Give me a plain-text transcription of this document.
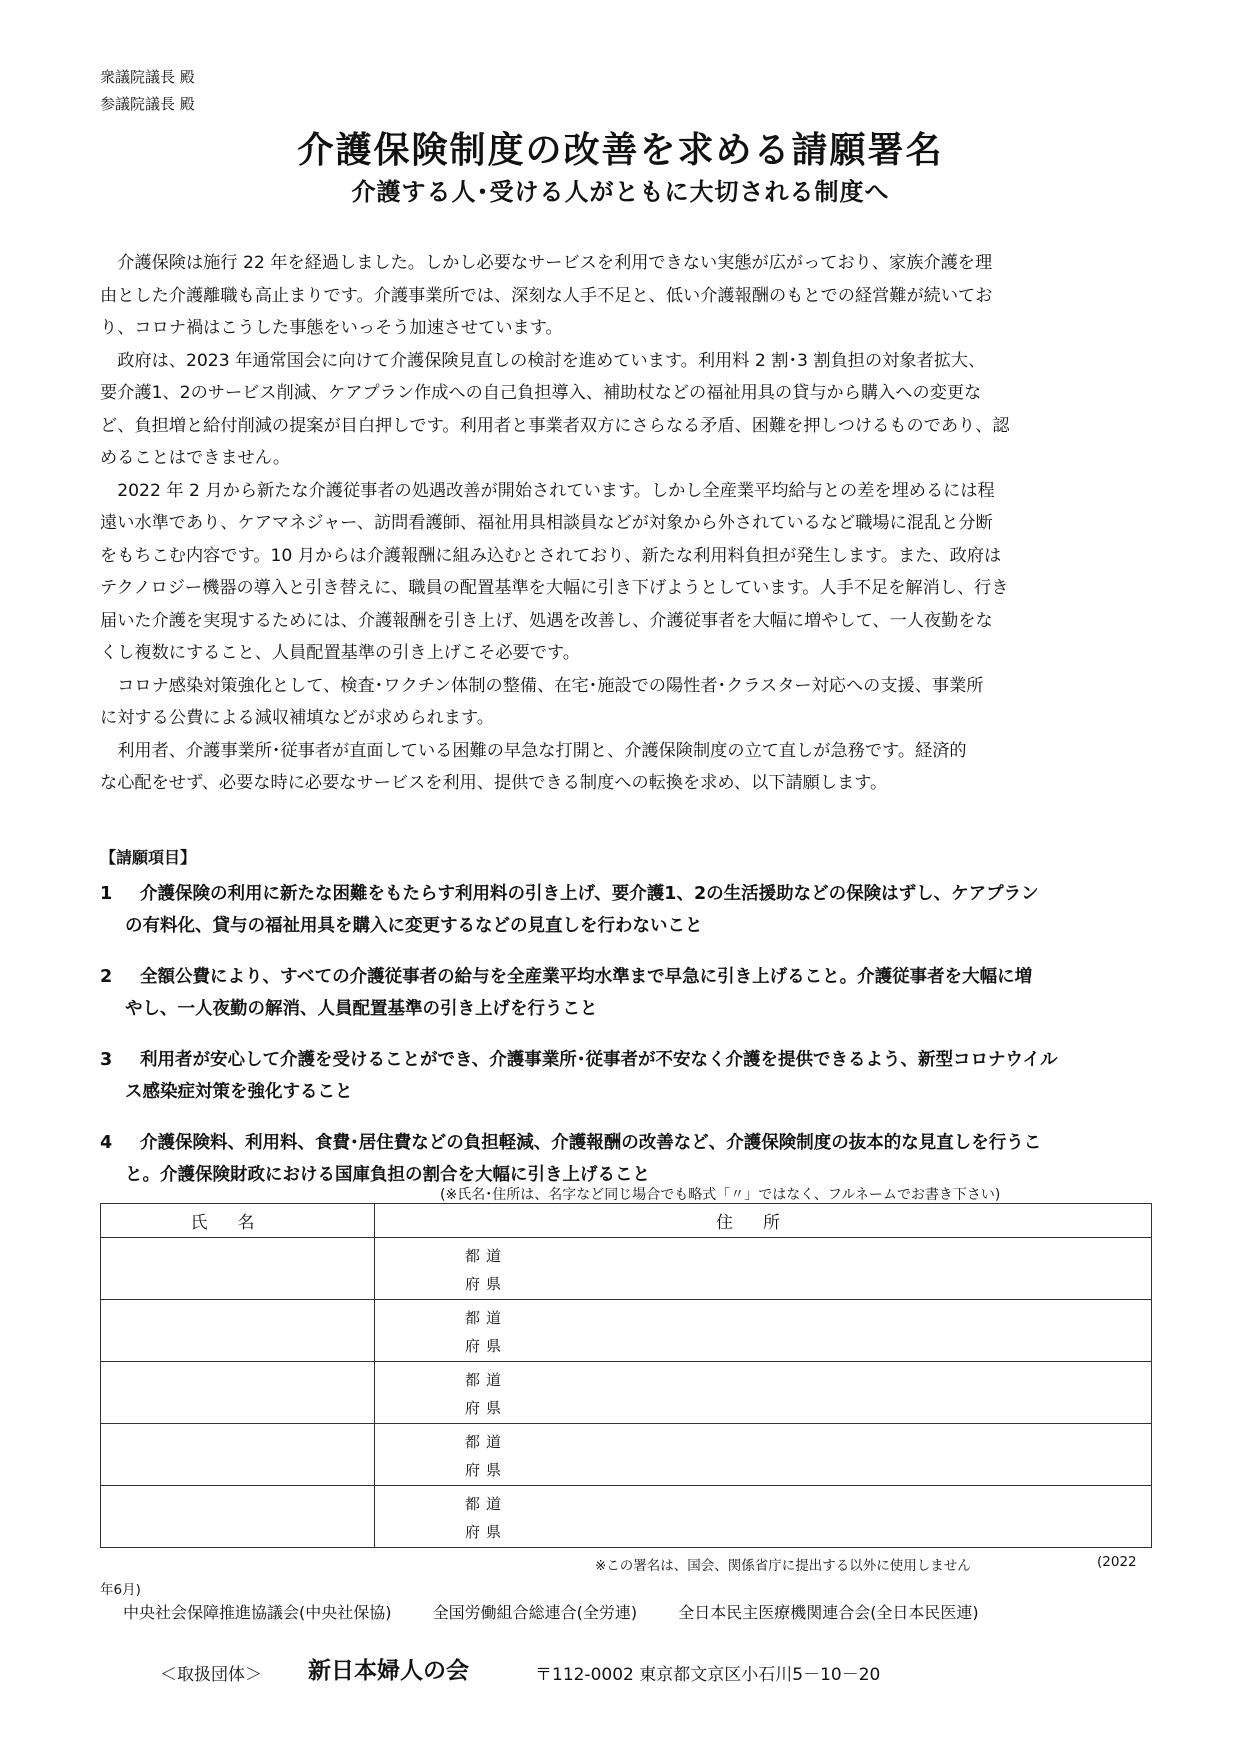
衆議院議長 殿
参議院議長 殿
介護保険制度の改善を求める請願署名
介護する人･受ける人がともに大切される制度へ

介護保険は施行 22 年を経過しました。しかし必要なサービスを利用できない実態が広がっており、家族介護を理
由とした介護離職も高止まりです。介護事業所では、深刻な人手不足と、低い介護報酬のもとでの経営難が続いてお
り、コロナ禍はこうした事態をいっそう加速させています。

政府は、2023 年通常国会に向けて介護保険見直しの検討を進めています。利用料 2 割･3 割負担の対象者拡大、
要介護1、2のサービス削減、ケアプラン作成への自己負担導入、補助杖などの福祉用具の貸与から購入への変更な
ど、負担増と給付削減の提案が目白押しです。利用者と事業者双方にさらなる矛盾、困難を押しつけるものであり、認
めることはできません。

2022 年 2 月から新たな介護従事者の処遇改善が開始されています。しかし全産業平均給与との差を埋めるには程
遠い水準であり、ケアマネジャー、訪問看護師、福祉用具相談員などが対象から外されているなど職場に混乱と分断
をもちこむ内容です。10 月からは介護報酬に組み込むとされており、新たな利用料負担が発生します。また、政府は
テクノロジー機器の導入と引き替えに、職員の配置基準を大幅に引き下げようとしています。人手不足を解消し、行き
届いた介護を実現するためには、介護報酬を引き上げ、処遇を改善し、介護従事者を大幅に増やして、一人夜勤をな
くし複数にすること、人員配置基準の引き上げこそ必要です。

コロナ感染対策強化として、検査･ワクチン体制の整備、在宅･施設での陽性者･クラスター対応への支援、事業所
に対する公費による減収補填などが求められます。

利用者、介護事業所･従事者が直面している困難の早急な打開と、介護保険制度の立て直しが急務です。経済的
な心配をせず、必要な時に必要なサービスを利用、提供できる制度への転換を求め、以下請願します。

【請願項目】
1 介護保険の利用に新たな困難をもたらす利用料の引き上げ、要介護1、2の生活援助などの保険はずし、ケアプラン
の有料化、貸与の福祉用具を購入に変更するなどの見直しを行わないこと
2 全額公費により、すべての介護従事者の給与を全産業平均水準まで早急に引き上げること。介護従事者を大幅に増
やし、一人夜勤の解消、人員配置基準の引き上げを行うこと
3 利用者が安心して介護を受けることができ、介護事業所･従事者が不安なく介護を提供できるよう、新型コロナウイル
ス感染症対策を強化すること
4 介護保険料、利用料、食費･居住費などの負担軽減、介護報酬の改善など、介護保険制度の抜本的な見直しを行うこ
と。介護保険財政における国庫負担の割合を大幅に引き上げること
(※氏名･住所は、名字など同じ場合でも略式「〃」ではなく、フルネームでお書き下さい)
氏名	住所

	都道
府県

	都道
府県

	都道
府県

	都道
府県

	都道
府県
※この署名は、国会、関係省庁に提出する以外に使用しません	(2022
年6月)
中央社会保障推進協議会(中央社保協)	全国労働組合総連合(全労連)	全日本民主医療機関連合会(全日本民医連)
＜取扱団体＞ 新日本婦人の会	〒112-0002 東京都文京区小石川5－10－20
